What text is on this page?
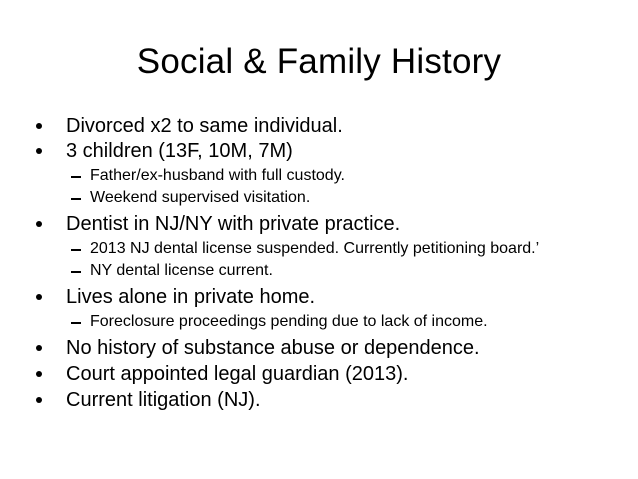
Social & Family History
Divorced x2 to same individual.
3 children (13F, 10M, 7M)
Father/ex-husband with full custody.
Weekend supervised visitation.
Dentist in NJ/NY with private practice.
2013 NJ dental license suspended. Currently petitioning board.’
NY dental license current.
Lives alone in private home.
Foreclosure proceedings pending due to lack of income.
No history of substance abuse or dependence.
Court appointed legal guardian (2013).
Current litigation (NJ).
